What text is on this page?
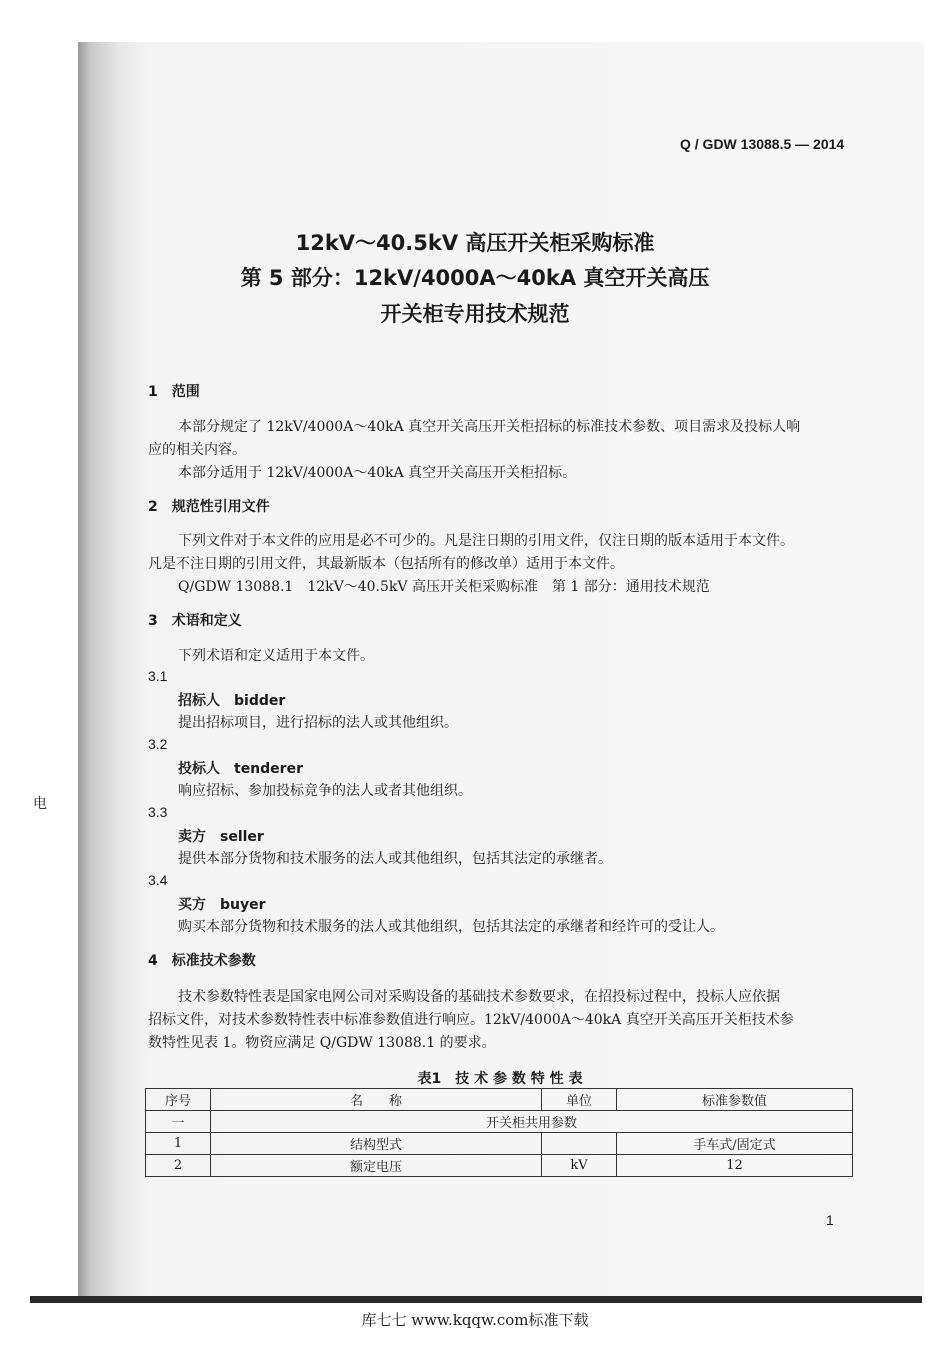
Q / GDW 13088.5 — 2014
12kV～40.5kV 高压开关柜采购标准
第 5 部分：12kV/4000A～40kA 真空开关高压
开关柜专用技术规范
1　 范围
本部分规定了 12kV/4000A～40kA 真空开关高压开关柜招标的标准技术参数、项目需求及投标人响
应的相关内容。
本部分适用于 12kV/4000A～40kA 真空开关高压开关柜招标。
2　 规范性引用文件
下列文件对于本文件的应用是必不可少的。凡是注日期的引用文件，仅注日期的版本适用于本文件。
凡是不注日期的引用文件，其最新版本（包括所有的修改单）适用于本文件。
Q/GDW 13088.1　12kV～40.5kV 高压开关柜采购标准　第 1 部分：通用技术规范
3　 术语和定义
下列术语和定义适用于本文件。
3.1
招标人　bidder
提出招标项目，进行招标的法人或其他组织。
3.2
投标人　tenderer
响应招标、参加投标竞争的法人或者其他组织。
3.3
卖方　seller
提供本部分货物和技术服务的法人或其他组织，包括其法定的承继者。
3.4
买方　buyer
购买本部分货物和技术服务的法人或其他组织，包括其法定的承继者和经许可的受让人。
4　 标准技术参数
技术参数特性表是国家电网公司对采购设备的基础技术参数要求，在招投标过程中，投标人应依据
招标文件，对技术参数特性表中标准参数值进行响应。12kV/4000A～40kA 真空开关高压开关柜技术参
数特性见表 1。物资应满足 Q/GDW 13088.1 的要求。
表1　技 术 参 数 特 性 表
序号	名　　称	单位	标准参数值
一	开关柜共用参数		
1	结构型式		手车式/固定式
2	额定电压	kV	12
1
电
库七七 www.kqqw.com标准下载
